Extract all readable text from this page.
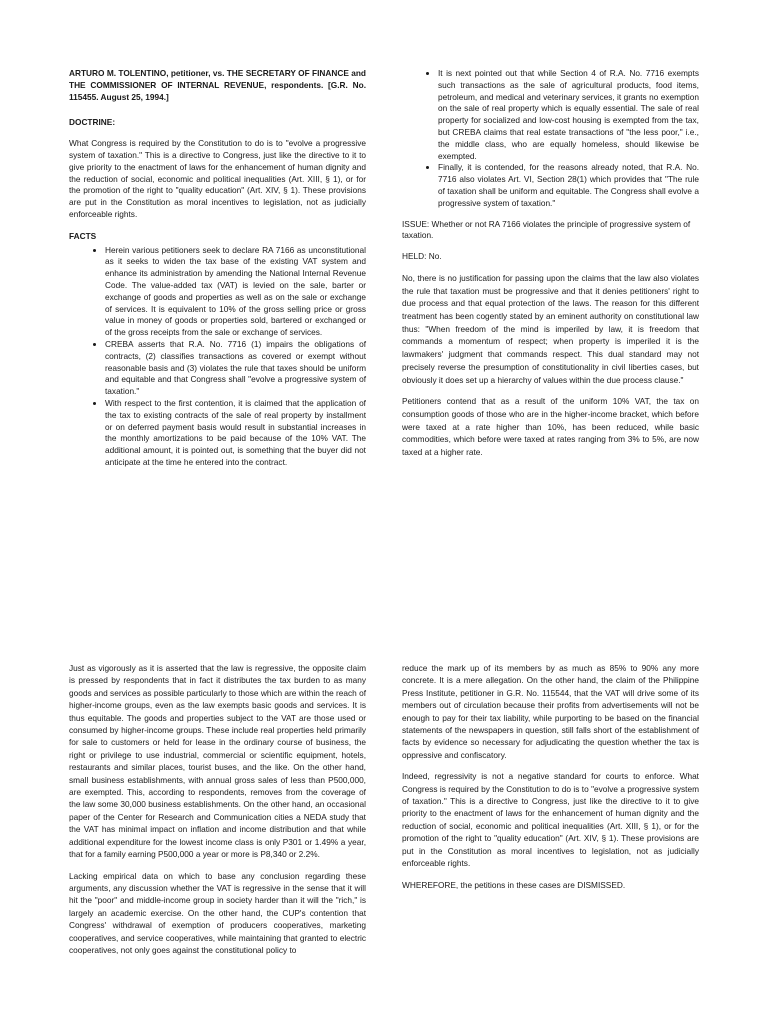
ARTURO M. TOLENTINO, petitioner, vs. THE SECRETARY OF FINANCE and THE COMMISSIONER OF INTERNAL REVENUE, respondents. [G.R. No. 115455. August 25, 1994.]

DOCTRINE:

What Congress is required by the Constitution to do is to "evolve a progressive system of taxation." This is a directive to Congress, just like the directive to it to give priority to the enactment of laws for the enhancement of human dignity and the reduction of social, economic and political inequalities (Art. XIII, § 1), or for the promotion of the right to "quality education" (Art. XIV, § 1). These provisions are put in the Constitution as moral incentives to legislation, not as judicially enforceable rights.

FACTS

• Herein various petitioners seek to declare RA 7166 as unconstitutional as it seeks to widen the tax base of the existing VAT system and enhance its administration by amending the National Internal Revenue Code. The value-added tax (VAT) is levied on the sale, barter or exchange of goods and properties as well as on the sale or exchange of services. It is equivalent to 10% of the gross selling price or gross value in money of goods or properties sold, bartered or exchanged or of the gross receipts from the sale or exchange of services.
• CREBA asserts that R.A. No. 7716 (1) impairs the obligations of contracts, (2) classifies transactions as covered or exempt without reasonable basis and (3) violates the rule that taxes should be uniform and equitable and that Congress shall "evolve a progressive system of taxation."
• With respect to the first contention, it is claimed that the application of the tax to existing contracts of the sale of real property by installment or on deferred payment basis would result in substantial increases in the monthly amortizations to be paid because of the 10% VAT. The additional amount, it is pointed out, is something that the buyer did not anticipate at the time he entered into the contract.
• It is next pointed out that while Section 4 of R.A. No. 7716 exempts such transactions as the sale of agricultural products, food items, petroleum, and medical and veterinary services, it grants no exemption on the sale of real property which is equally essential. The sale of real property for socialized and low-cost housing is exempted from the tax, but CREBA claims that real estate transactions of "the less poor," i.e., the middle class, who are equally homeless, should likewise be exempted.
• Finally, it is contended, for the reasons already noted, that R.A. No. 7716 also violates Art. VI, Section 28(1) which provides that "The rule of taxation shall be uniform and equitable. The Congress shall evolve a progressive system of taxation."

ISSUE: Whether or not RA 7166 violates the principle of progressive system of taxation.

HELD: No.

No, there is no justification for passing upon the claims that the law also violates the rule that taxation must be progressive and that it denies petitioners' right to due process and that equal protection of the laws. The reason for this different treatment has been cogently stated by an eminent authority on constitutional law thus: "When freedom of the mind is imperiled by law, it is freedom that commands a momentum of respect; when property is imperiled it is the lawmakers' judgment that commands respect. This dual standard may not precisely reverse the presumption of constitutionality in civil liberties cases, but obviously it does set up a hierarchy of values within the due process clause."

Petitioners contend that as a result of the uniform 10% VAT, the tax on consumption goods of those who are in the higher-income bracket, which before were taxed at a rate higher than 10%, has been reduced, while basic commodities, which before were taxed at rates ranging from 3% to 5%, are now taxed at a higher rate.

Just as vigorously as it is asserted that the law is regressive, the opposite claim is pressed by respondents that in fact it distributes the tax burden to as many goods and services as possible particularly to those which are within the reach of higher-income groups, even as the law exempts basic goods and services. It is thus equitable. The goods and properties subject to the VAT are those used or consumed by higher-income groups. These include real properties held primarily for sale to customers or held for lease in the ordinary course of business, the right or privilege to use industrial, commercial or scientific equipment, hotels, restaurants and similar places, tourist buses, and the like. On the other hand, small business establishments, with annual gross sales of less than P500,000, are exempted. This, according to respondents, removes from the coverage of the law some 30,000 business establishments. On the other hand, an occasional paper of the Center for Research and Communication cities a NEDA study that the VAT has minimal impact on inflation and income distribution and that while additional expenditure for the lowest income class is only P301 or 1.49% a year, that for a family earning P500,000 a year or more is P8,340 or 2.2%.

Lacking empirical data on which to base any conclusion regarding these arguments, any discussion whether the VAT is regressive in the sense that it will hit the "poor" and middle-income group in society harder than it will the "rich," is largely an academic exercise. On the other hand, the CUP's contention that Congress' withdrawal of exemption of producers cooperatives, marketing cooperatives, and service cooperatives, while maintaining that granted to electric cooperatives, not only goes against the constitutional policy to

reduce the mark up of its members by as much as 85% to 90% any more concrete. It is a mere allegation. On the other hand, the claim of the Philippine Press Institute, petitioner in G.R. No. 115544, that the VAT will drive some of its members out of circulation because their profits from advertisements will not be enough to pay for their tax liability, while purporting to be based on the financial statements of the newspapers in question, still falls short of the establishment of facts by evidence so necessary for adjudicating the question whether the tax is oppressive and confiscatory.

Indeed, regressivity is not a negative standard for courts to enforce. What Congress is required by the Constitution to do is to "evolve a progressive system of taxation." This is a directive to Congress, just like the directive to it to give priority to the enactment of laws for the enhancement of human dignity and the reduction of social, economic and political inequalities (Art. XIII, § 1), or for the promotion of the right to "quality education" (Art. XIV, § 1). These provisions are put in the Constitution as moral incentives to legislation, not as judicially enforceable rights.

WHEREFORE, the petitions in these cases are DISMISSED.
